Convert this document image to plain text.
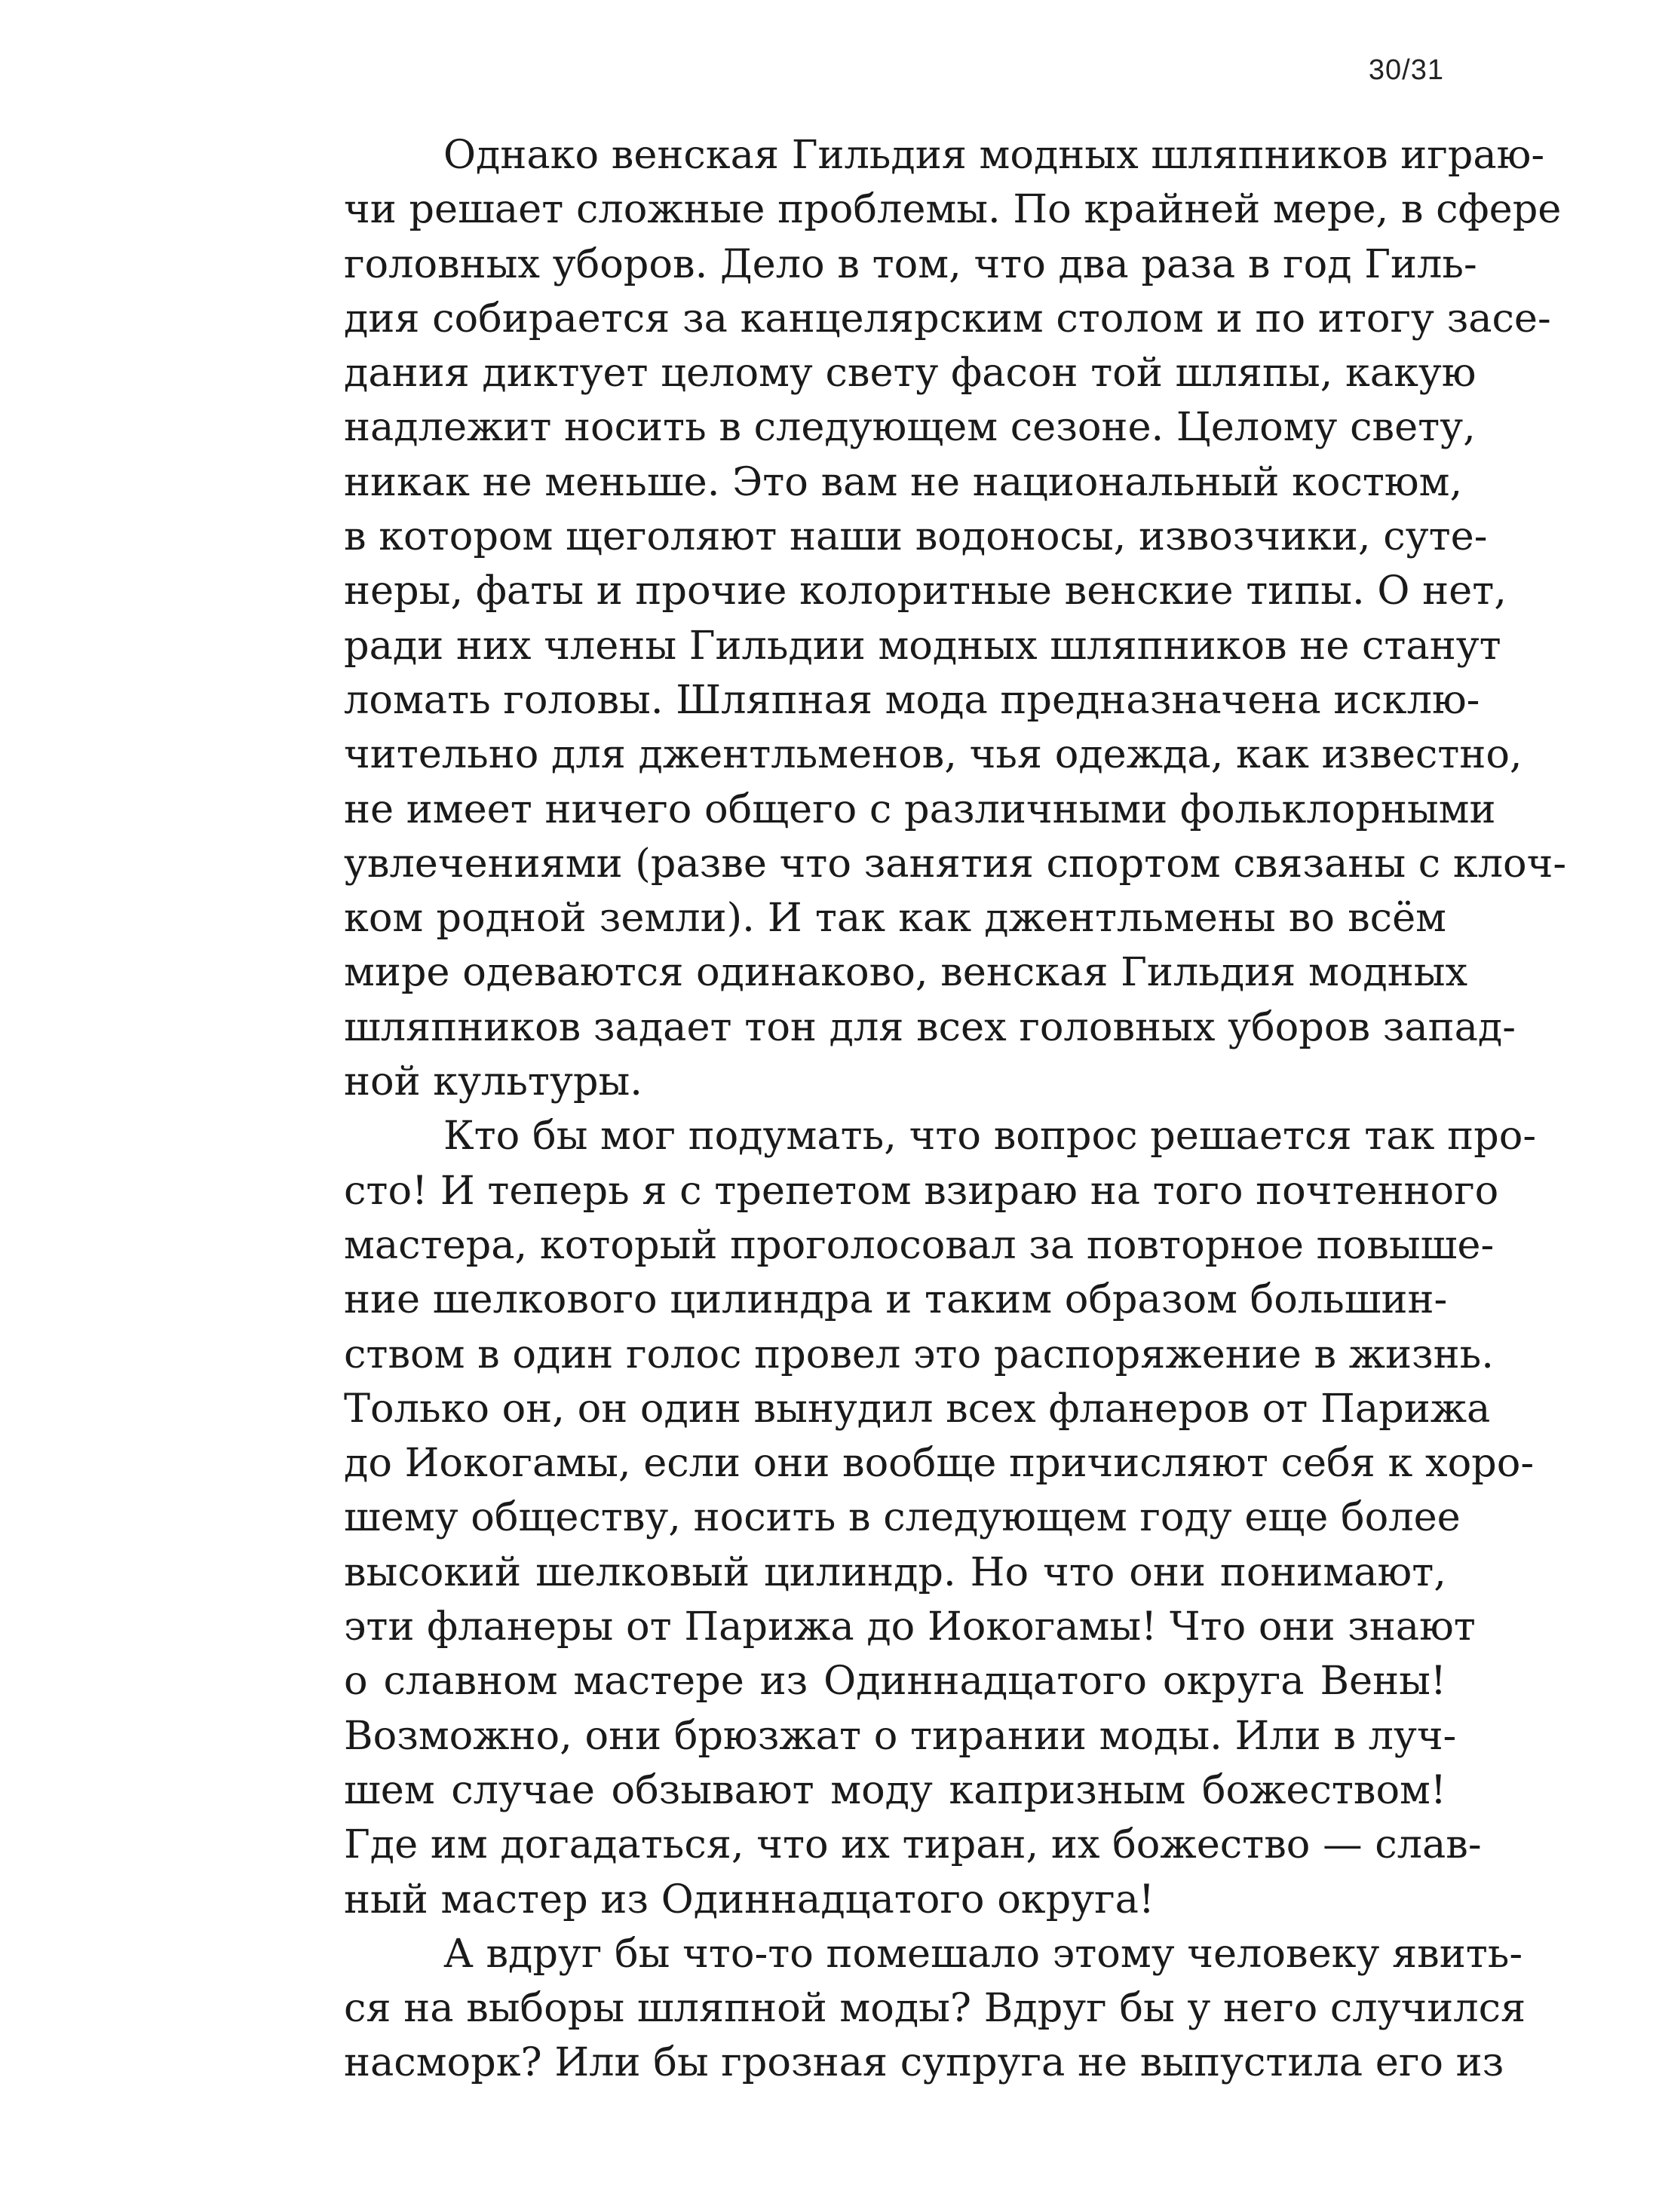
30/31
Однако венская Гильдия модных шляпников играю-
чи решает сложные проблемы. По крайней мере, в сфере
головных уборов. Дело в том, что два раза в год Гиль-
дия собирается за канцелярским столом и по итогу засе-
дания диктует целому свету фасон той шляпы, какую
надлежит носить в следующем сезоне. Целому свету,
никак не меньше. Это вам не национальный костюм,
в котором щеголяют наши водоносы, извозчики, суте-
неры, фаты и прочие колоритные венские типы. О нет,
ради них члены Гильдии модных шляпников не станут
ломать головы. Шляпная мода предназначена исклю-
чительно для джентльменов, чья одежда, как известно,
не имеет ничего общего с различными фольклорными
увлечениями (разве что занятия спортом связаны с клоч-
ком родной земли). И так как джентльмены во всём
мире одеваются одинаково, венская Гильдия модных
шляпников задает тон для всех головных уборов запад-
ной культуры.
Кто бы мог подумать, что вопрос решается так про-
сто! И теперь я с трепетом взираю на того почтенного
мастера, который проголосовал за повторное повыше-
ние шелкового цилиндра и таким образом большин-
ством в один голос провел это распоряжение в жизнь.
Только он, он один вынудил всех фланеров от Парижа
до Иокогамы, если они вообще причисляют себя к хоро-
шему обществу, носить в следующем году еще более
высокий шелковый цилиндр. Но что они понимают,
эти фланеры от Парижа до Иокогамы! Что они знают
о славном мастере из Одиннадцатого округа Вены!
Возможно, они брюзжат о тирании моды. Или в луч-
шем случае обзывают моду капризным божеством!
Где им догадаться, что их тиран, их божество — слав-
ный мастер из Одиннадцатого округа!
А вдруг бы что-то помешало этому человеку явить-
ся на выборы шляпной моды? Вдруг бы у него случился
насморк? Или бы грозная супруга не выпустила его из
